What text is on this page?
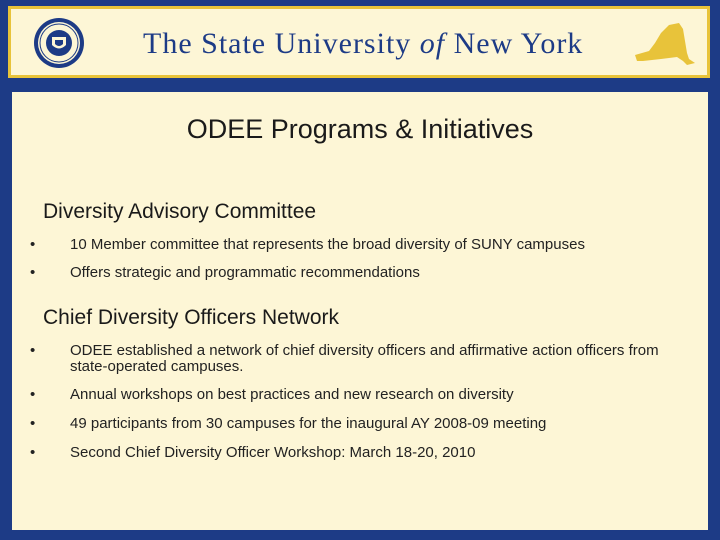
The State University of New York
ODEE Programs & Initiatives
Diversity Advisory Committee
• 10 Member committee that represents the broad diversity of SUNY campuses
• Offers strategic and programmatic recommendations
Chief Diversity Officers Network
• ODEE established a network of chief diversity officers and affirmative action officers from state-operated campuses.
• Annual workshops on best practices and new research on diversity
• 49 participants from 30 campuses for the inaugural AY 2008-09 meeting
• Second Chief Diversity Officer Workshop: March 18-20, 2010
